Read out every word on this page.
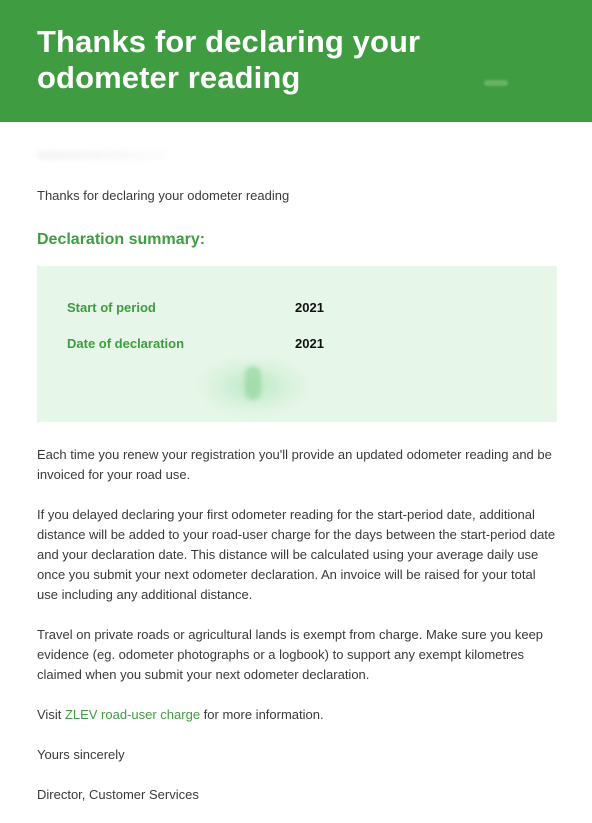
Thanks for declaring your odometer reading
Thanks for declaring your odometer reading
Declaration summary:
Start of period	2021
Date of declaration	2021

Each time you renew your registration you'll provide an updated odometer reading and be invoiced for your road use.

If you delayed declaring your first odometer reading for the start-period date, additional distance will be added to your road-user charge for the days between the start-period date and your declaration date. This distance will be calculated using your average daily use once you submit your next odometer declaration. An invoice will be raised for your total use including any additional distance.

Travel on private roads or agricultural lands is exempt from charge. Make sure you keep evidence (eg. odometer photographs or a logbook) to support any exempt kilometres claimed when you submit your next odometer declaration.

Visit ZLEV road-user charge for more information.

Yours sincerely

Director, Customer Services
